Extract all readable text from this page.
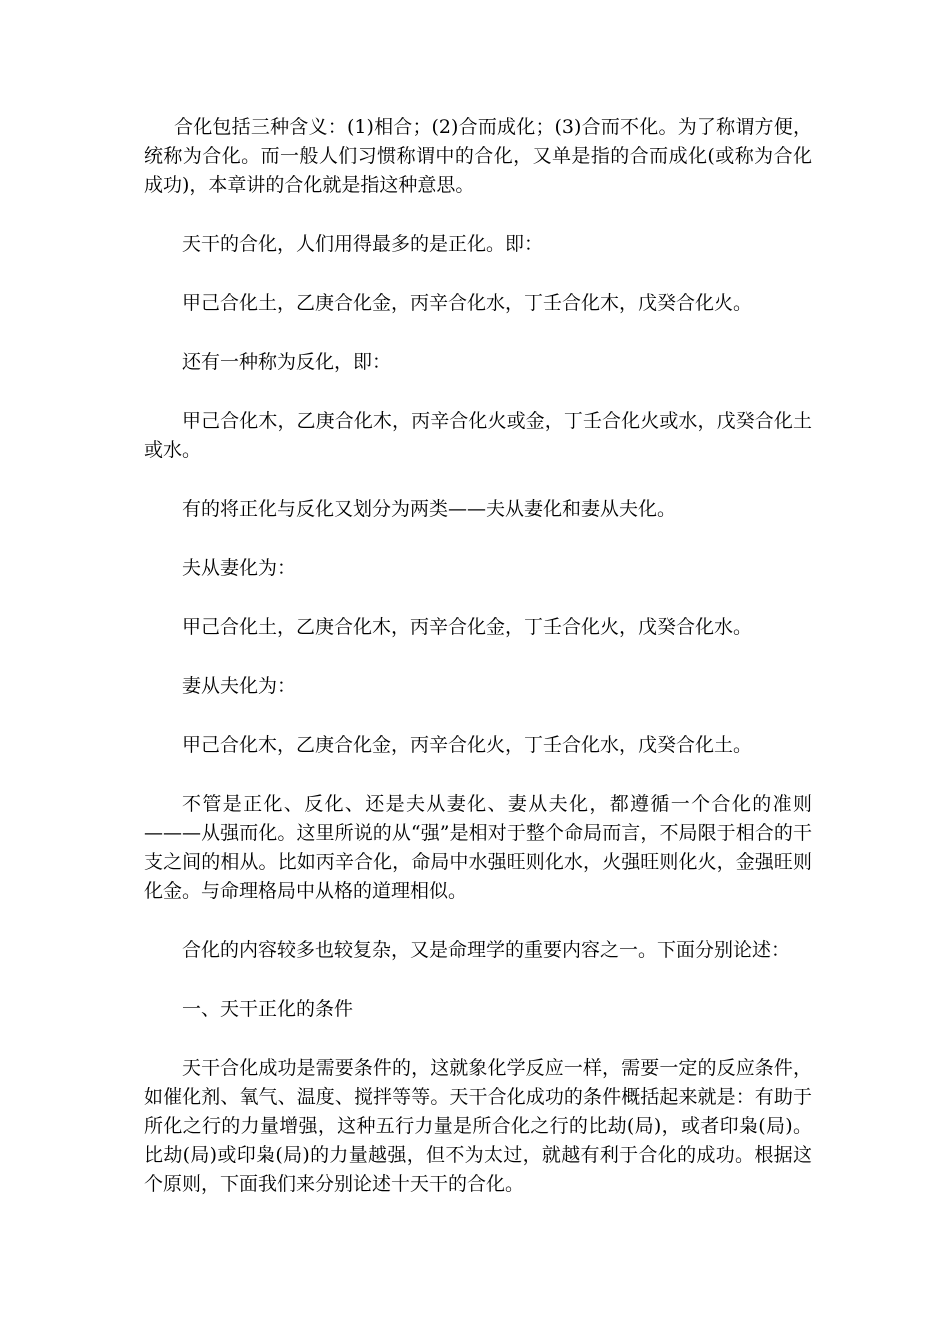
合化包括三种含义：(1)相合；(2)合而成化；(3)合而不化。为了称谓方便，统称为合化。而一般人们习惯称谓中的合化，又单是指的合而成化(或称为合化成功)，本章讲的合化就是指这种意思。

天干的合化，人们用得最多的是正化。即：

甲己合化土，乙庚合化金，丙辛合化水，丁壬合化木，戊癸合化火。

还有一种称为反化，即：

甲己合化木，乙庚合化木，丙辛合化火或金，丁壬合化火或水，戊癸合化土或水。

有的将正化与反化又划分为两类——夫从妻化和妻从夫化。

夫从妻化为：

甲己合化土，乙庚合化木，丙辛合化金，丁壬合化火，戊癸合化水。

妻从夫化为：

甲己合化木，乙庚合化金，丙辛合化火，丁壬合化水，戊癸合化土。

不管是正化、反化、还是夫从妻化、妻从夫化，都遵循一个合化的准则———从强而化。这里所说的从“强”是相对于整个命局而言，不局限于相合的干支之间的相从。比如丙辛合化，命局中水强旺则化水，火强旺则化火，金强旺则化金。与命理格局中从格的道理相似。

合化的内容较多也较复杂，又是命理学的重要内容之一。下面分别论述：

一、天干正化的条件

天干合化成功是需要条件的，这就象化学反应一样，需要一定的反应条件，如催化剂、氧气、温度、搅拌等等。天干合化成功的条件概括起来就是：有助于所化之行的力量增强，这种五行力量是所合化之行的比劫(局)，或者印枭(局)。比劫(局)或印枭(局)的力量越强，但不为太过，就越有利于合化的成功。根据这个原则，下面我们来分别论述十天干的合化。
